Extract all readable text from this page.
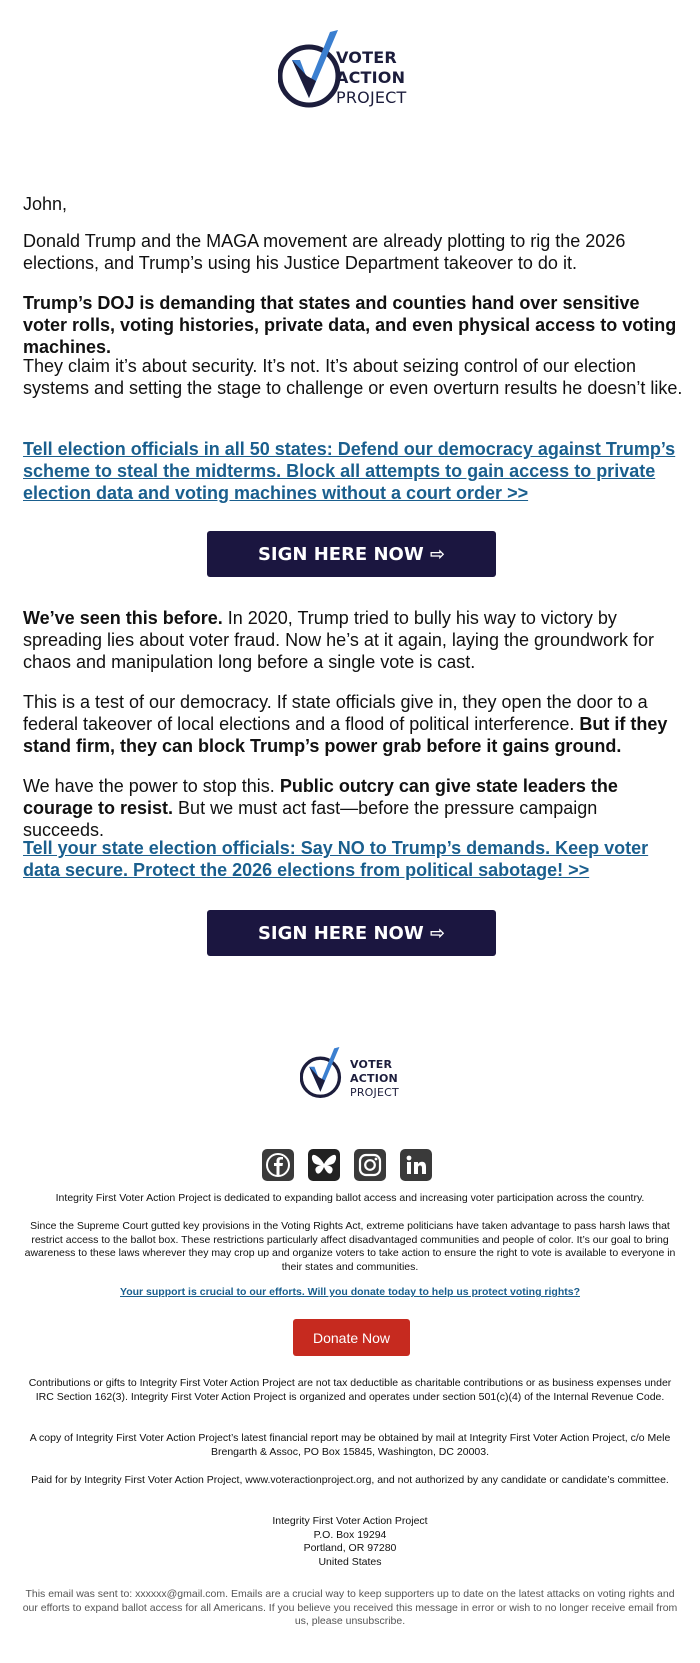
VOTER
ACTION
PROJECT
John,
Donald Trump and the MAGA movement are already plotting to rig the 2026 elections, and Trump’s using his Justice Department takeover to do it.
Trump’s DOJ is demanding that states and counties hand over sensitive voter rolls, voting histories, private data, and even physical access to voting machines.
They claim it’s about security. It’s not. It’s about seizing control of our election systems and setting the stage to challenge or even overturn results he doesn’t like.
Tell election officials in all 50 states: Defend our democracy against Trump’s scheme to steal the midterms. Block all attempts to gain access to private election data and voting machines without a court order >>
SIGN HERE NOW ⇨
We’ve seen this before. In 2020, Trump tried to bully his way to victory by spreading lies about voter fraud. Now he’s at it again, laying the groundwork for chaos and manipulation long before a single vote is cast.
This is a test of our democracy. If state officials give in, they open the door to a federal takeover of local elections and a flood of political interference. But if they stand firm, they can block Trump’s power grab before it gains ground.
We have the power to stop this. Public outcry can give state leaders the courage to resist. But we must act fast—before the pressure campaign succeeds.
Tell your state election officials: Say NO to Trump’s demands. Keep voter data secure. Protect the 2026 elections from political sabotage! >>
SIGN HERE NOW ⇨
VOTER
ACTION
PROJECT
Integrity First Voter Action Project is dedicated to expanding ballot access and increasing voter participation across the country.
Since the Supreme Court gutted key provisions in the Voting Rights Act, extreme politicians have taken advantage to pass harsh laws that restrict access to the ballot box. These restrictions particularly affect disadvantaged communities and people of color. It’s our goal to bring awareness to these laws wherever they may crop up and organize voters to take action to ensure the right to vote is available to everyone in their states and communities.
Your support is crucial to our efforts. Will you donate today to help us protect voting rights?
Donate Now
Contributions or gifts to Integrity First Voter Action Project are not tax deductible as charitable contributions or as business expenses under IRC Section 162(3). Integrity First Voter Action Project is organized and operates under section 501(c)(4) of the Internal Revenue Code.
A copy of Integrity First Voter Action Project’s latest financial report may be obtained by mail at Integrity First Voter Action Project, c/o Mele Brengarth & Assoc, PO Box 15845, Washington, DC 20003.
Paid for by Integrity First Voter Action Project, www.voteractionproject.org, and not authorized by any candidate or candidate’s committee.
Integrity First Voter Action Project
P.O. Box 19294
Portland, OR 97280
United States
This email was sent to: xxxxxx@gmail.com. Emails are a crucial way to keep supporters up to date on the latest attacks on voting rights and our efforts to expand ballot access for all Americans. If you believe you received this message in error or wish to no longer receive email from us, please unsubscribe.
